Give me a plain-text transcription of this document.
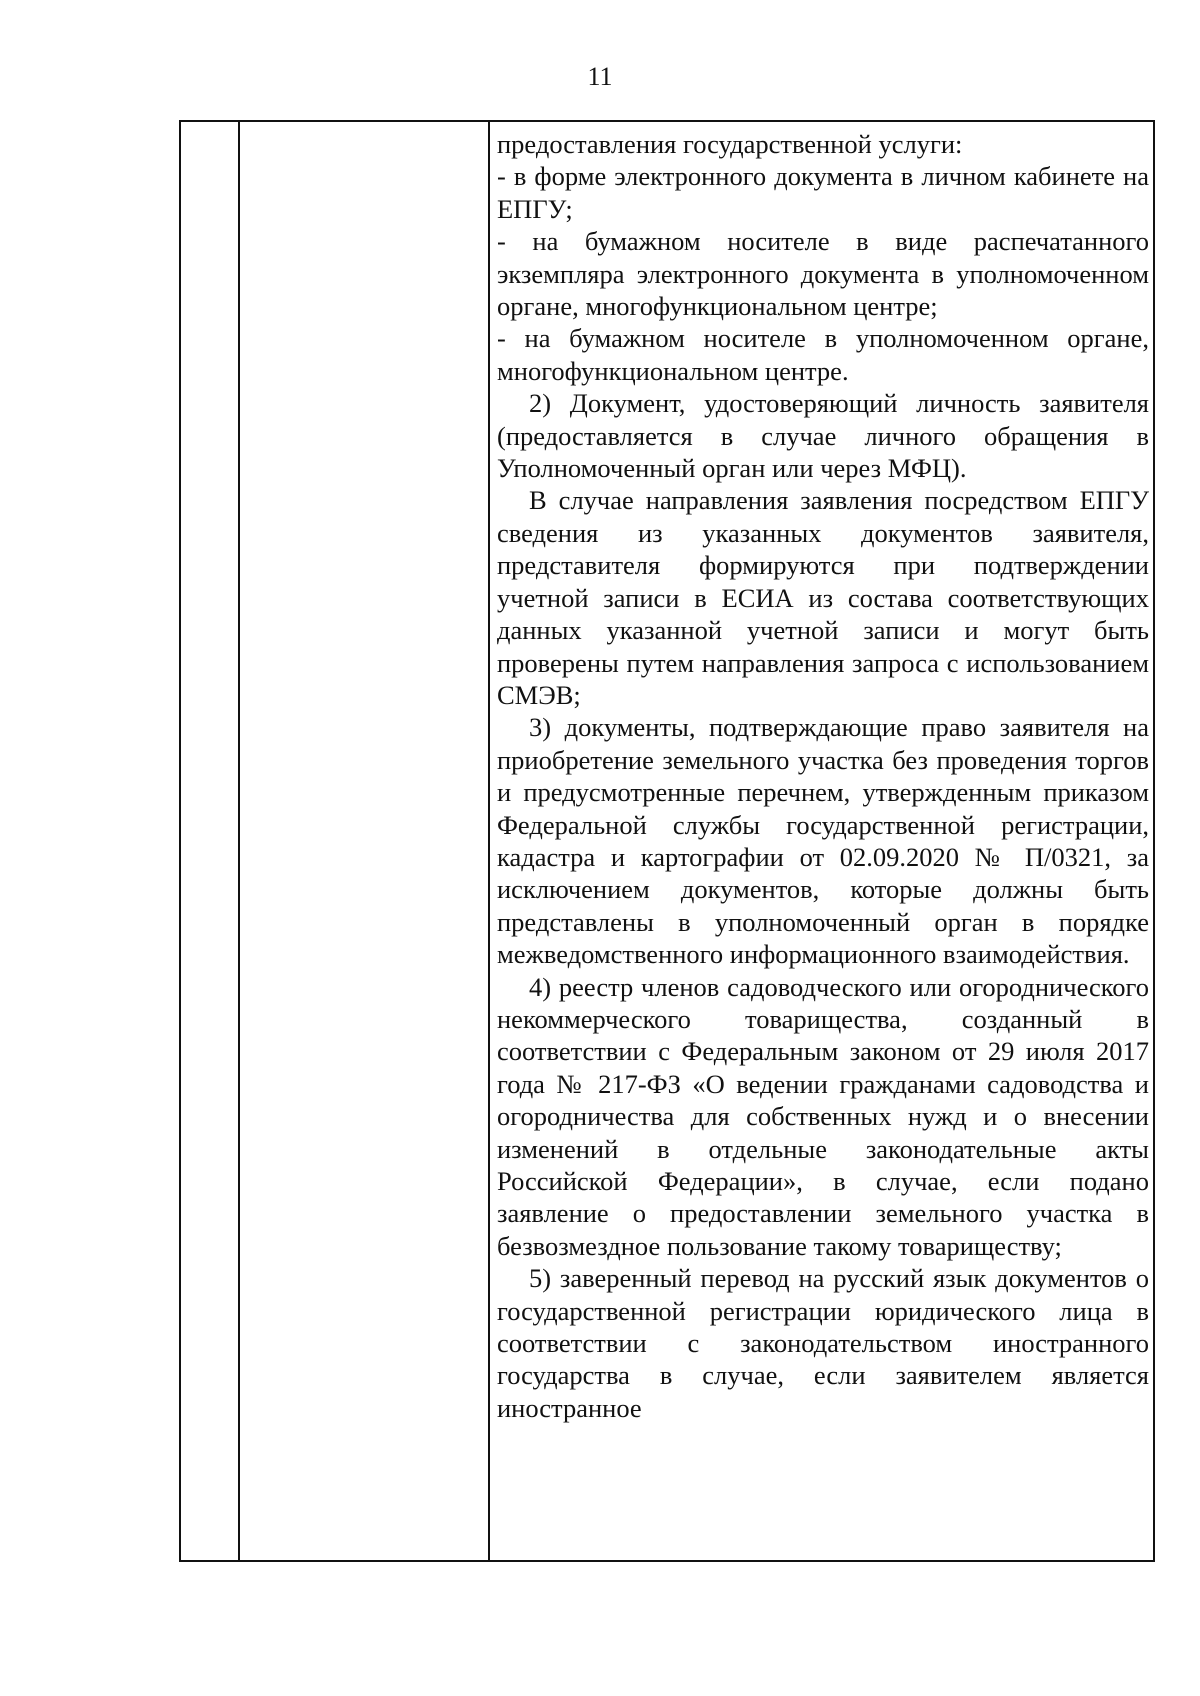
11

предоставления государственной услуги:

- в форме электронного документа в личном кабинете на ЕПГУ;

- на бумажном носителе в виде распечатанного экземпляра электронного документа в уполномоченном органе, многофункциональном центре;

- на бумажном носителе в уполномоченном органе, многофункциональном центре.

2) Документ, удостоверяющий личность заявителя (предоставляется в случае личного обращения в Уполномоченный орган или через МФЦ).

В случае направления заявления посредством ЕПГУ сведения из указанных документов заявителя, представителя формируются при подтверждении учетной записи в ЕСИА из состава соответствующих данных указанной учетной записи и могут быть проверены путем направления запроса с использованием СМЭВ;

3) документы, подтверждающие право заявителя на приобретение земельного участка без проведения торгов и предусмотренные перечнем, утвержденным приказом Федеральной службы государственной регистрации, кадастра и картографии от 02.09.2020 № П/0321, за исключением документов, которые должны быть представлены в уполномоченный орган в порядке межведомственного информационного взаимодействия.

4) реестр членов садоводческого или огороднического некоммерческого товарищества, созданный в соответствии с Федеральным законом от 29 июля 2017 года № 217-ФЗ «О ведении гражданами садоводства и огородничества для собственных нужд и о внесении изменений в отдельные законодательные акты Российской Федерации», в случае, если подано заявление о предоставлении земельного участка в безвозмездное пользование такому товариществу;

5) заверенный перевод на русский язык документов о государственной регистрации юридического лица в соответствии с законодательством иностранного государства в случае, если заявителем является иностранное
